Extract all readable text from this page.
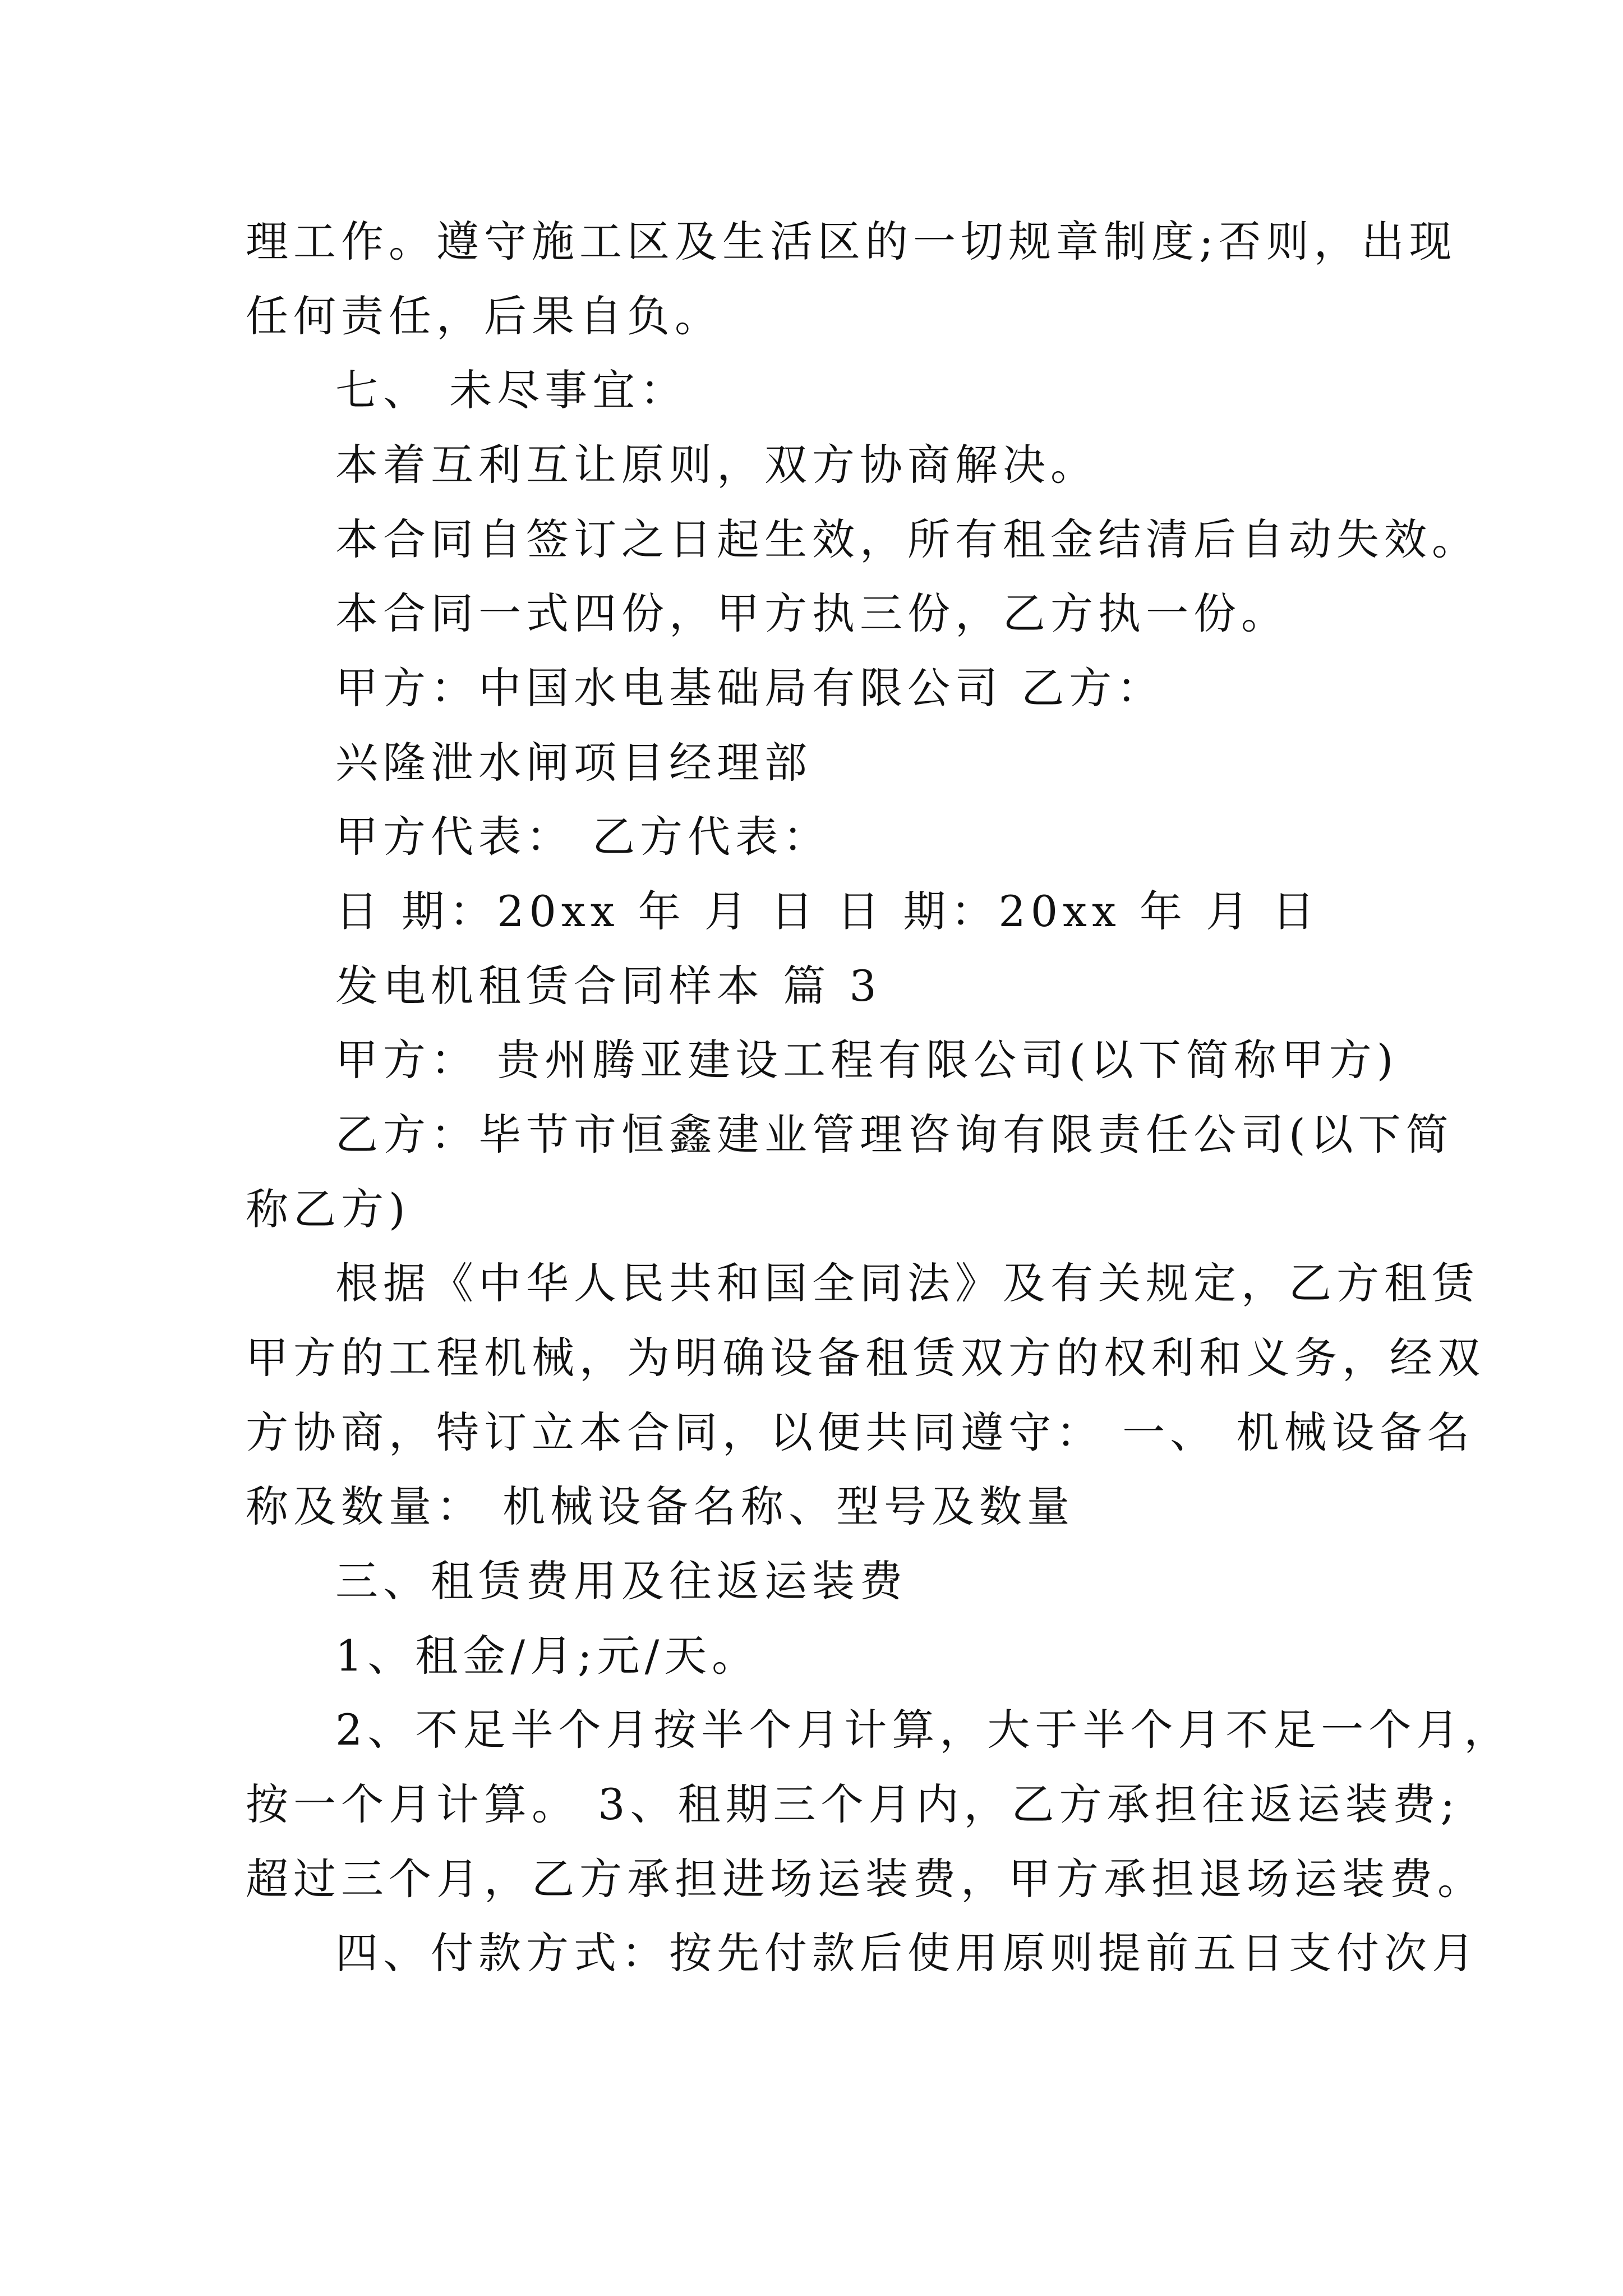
理工作。遵守施工区及生活区的一切规章制度;否则，出现
任何责任，后果自负。
七、 未尽事宜：
本着互利互让原则，双方协商解决。
本合同自签订之日起生效，所有租金结清后自动失效。
本合同一式四份，甲方执三份，乙方执一份。
甲方：中国水电基础局有限公司 乙方：
兴隆泄水闸项目经理部
甲方代表： 乙方代表：
日 期：20xx 年 月 日 日 期：20xx 年 月 日
发电机租赁合同样本 篇 3
甲方： 贵州腾亚建设工程有限公司(以下简称甲方)
乙方：毕节市恒鑫建业管理咨询有限责任公司(以下简
称乙方)
根据《中华人民共和国全同法》及有关规定，乙方租赁
甲方的工程机械，为明确设备租赁双方的权利和义务，经双
方协商，特订立本合同，以便共同遵守： 一、 机械设备名
称及数量： 机械设备名称、型号及数量
三、租赁费用及往返运装费
1、租金/月;元/天。
2、不足半个月按半个月计算，大于半个月不足一个月，
按一个月计算。 3、租期三个月内，乙方承担往返运装费;
超过三个月，乙方承担进场运装费，甲方承担退场运装费。
四、付款方式：按先付款后使用原则提前五日支付次月
